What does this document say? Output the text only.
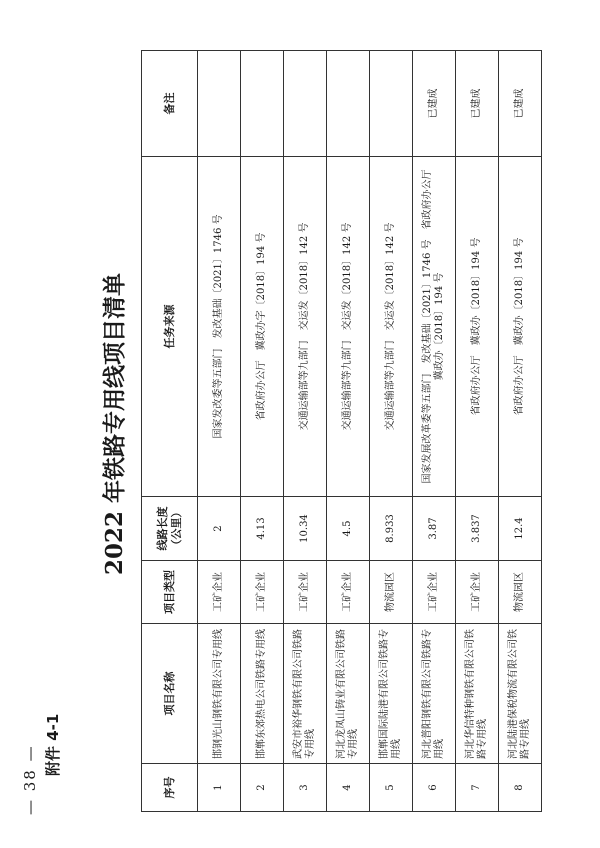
— 38 — 附件 4-1
2022 年铁路专用线项目清单
序号	项目名称	项目类型	线路长度（公里）	任务来源	备注
1	邯钢光山钢铁有限公司专用线	工矿企业	2	国家发改委等五部门　发改基础〔2021〕1746 号	
2	邯郸东郊热电公司铁路专用线	工矿企业	4.13	省政府办公厅　冀政办字〔2018〕194 号	
3	武安市裕华钢铁有限公司铁路专用线	工矿企业	10.34	交通运输部等九部门　交运发〔2018〕142 号	
4	河北龙凤山铸业有限公司铁路专用线	工矿企业	4.5	交通运输部等九部门　交运发〔2018〕142 号	
5	邯郸国际陆港有限公司铁路专用线	物流园区	8.933	交通运输部等九部门　交运发〔2018〕142 号	
6	河北普阳钢铁有限公司铁路专用线	工矿企业	3.87	国家发展改革委等五部门　发改基础〔2021〕1746 号　省政府办公厅　冀政办〔2018〕194 号	已建成
7	河北华信特种钢铁有限公司铁路专用线	工矿企业	3.837	省政府办公厅　冀政办〔2018〕194 号	已建成
8	河北陆港保税物流有限公司铁路专用线	物流园区	12.4	省政府办公厅　冀政办〔2018〕194 号	已建成
